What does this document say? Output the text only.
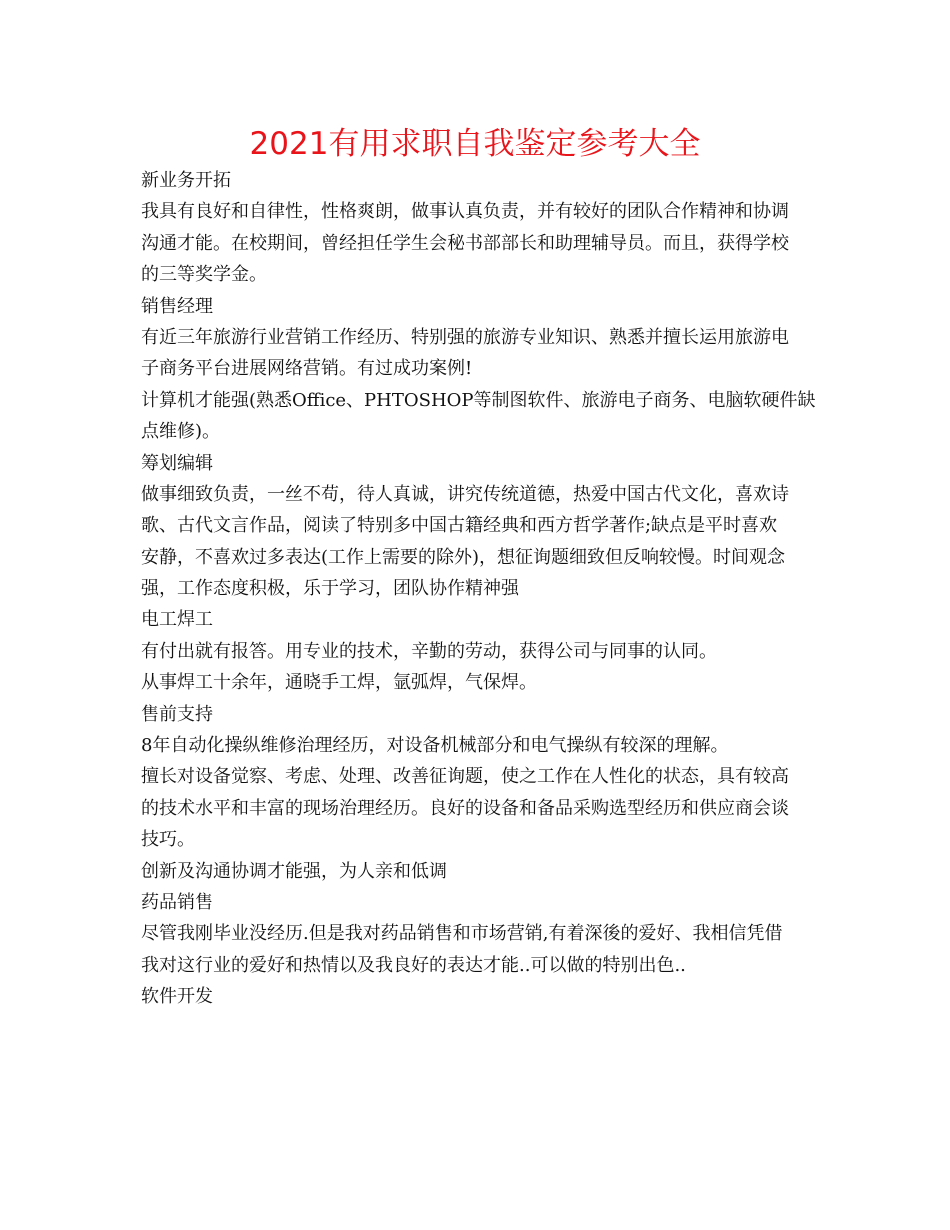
2021有用求职自我鉴定参考大全
新业务开拓
我具有良好和自律性，性格爽朗，做事认真负责，并有较好的团队合作精神和协调
沟通才能。在校期间，曾经担任学生会秘书部部长和助理辅导员。而且，获得学校
的三等奖学金。
销售经理
有近三年旅游行业营销工作经历、特别强的旅游专业知识、熟悉并擅长运用旅游电
子商务平台进展网络营销。有过成功案例!
计算机才能强(熟悉Office、PHTOSHOP等制图软件、旅游电子商务、电脑软硬件缺
点维修)。
筹划编辑
做事细致负责，一丝不苟，待人真诚，讲究传统道德，热爱中国古代文化，喜欢诗
歌、古代文言作品，阅读了特别多中国古籍经典和西方哲学著作;缺点是平时喜欢
安静，不喜欢过多表达(工作上需要的除外)，想征询题细致但反响较慢。时间观念
强，工作态度积极，乐于学习，团队协作精神强
电工焊工
有付出就有报答。用专业的技术，辛勤的劳动，获得公司与同事的认同。
从事焊工十余年，通晓手工焊，氩弧焊，气保焊。
售前支持
8年自动化操纵维修治理经历，对设备机械部分和电气操纵有较深的理解。
擅长对设备觉察、考虑、处理、改善征询题，使之工作在人性化的状态，具有较高
的技术水平和丰富的现场治理经历。良好的设备和备品采购选型经历和供应商会谈
技巧。
创新及沟通协调才能强，为人亲和低调
药品销售
尽管我刚毕业没经历.但是我对药品销售和市场营销,有着深後的爱好、我相信凭借
我对这行业的爱好和热情以及我良好的表达才能..可以做的特别出色..
软件开发
